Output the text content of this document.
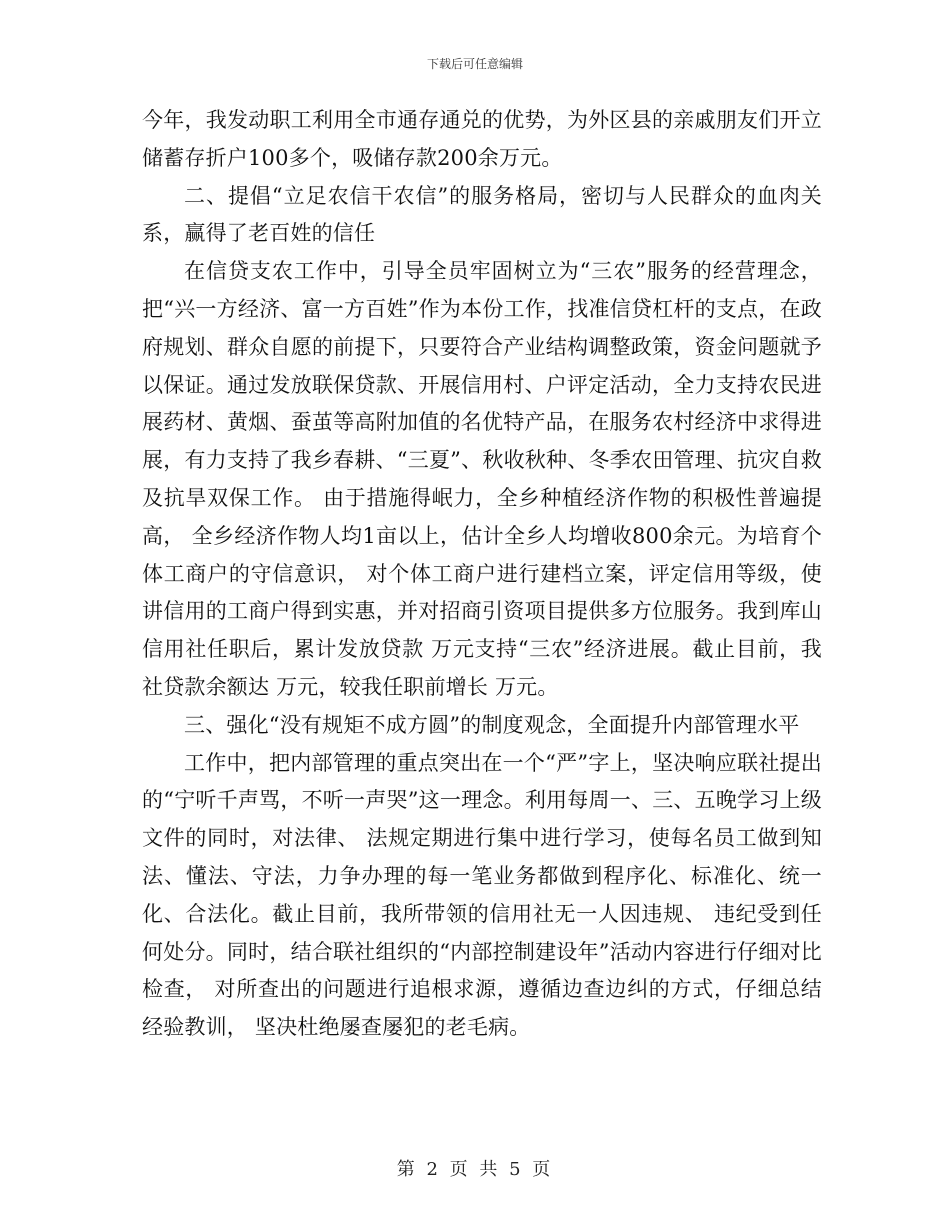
下载后可任意编辑

今年，我发动职工利用全市通存通兑的优势，为外区县的亲戚朋友们开立储蓄存折户100多个，吸储存款200余万元。

二、提倡“立足农信干农信”的服务格局，密切与人民群众的血肉关系，赢得了老百姓的信任

在信贷支农工作中，引导全员牢固树立为“三农”服务的经营理念，把“兴一方经济、富一方百姓”作为本份工作，找准信贷杠杆的支点，在政府规划、群众自愿的前提下，只要符合产业结构调整政策，资金问题就予以保证。通过发放联保贷款、开展信用村、户评定活动，全力支持农民进展药材、黄烟、蚕茧等高附加值的名优特产品，在服务农村经济中求得进展，有力支持了我乡春耕、“三夏”、秋收秋种、冬季农田管理、抗灾自救及抗旱双保工作。 由于措施得岷力，全乡种植经济作物的积极性普遍提高， 全乡经济作物人均1亩以上，估计全乡人均增收800余元。为培育个体工商户的守信意识， 对个体工商户进行建档立案，评定信用等级，使讲信用的工商户得到实惠，并对招商引资项目提供多方位服务。我到库山信用社任职后，累计发放贷款 万元支持“三农”经济进展。截止目前，我社贷款余额达 万元，较我任职前增长 万元。

三、强化“没有规矩不成方圆”的制度观念，全面提升内部管理水平

工作中，把内部管理的重点突出在一个“严”字上，坚决响应联社提出的“宁听千声骂，不听一声哭”这一理念。利用每周一、三、五晚学习上级文件的同时，对法律、 法规定期进行集中进行学习，使每名员工做到知法、懂法、守法，力争办理的每一笔业务都做到程序化、标准化、统一化、合法化。截止目前，我所带领的信用社无一人因违规、 违纪受到任何处分。同时，结合联社组织的“内部控制建设年”活动内容进行仔细对比检查， 对所查出的问题进行追根求源，遵循边查边纠的方式，仔细总结经验教训， 坚决杜绝屡查屡犯的老毛病。

第 2 页 共 5 页
